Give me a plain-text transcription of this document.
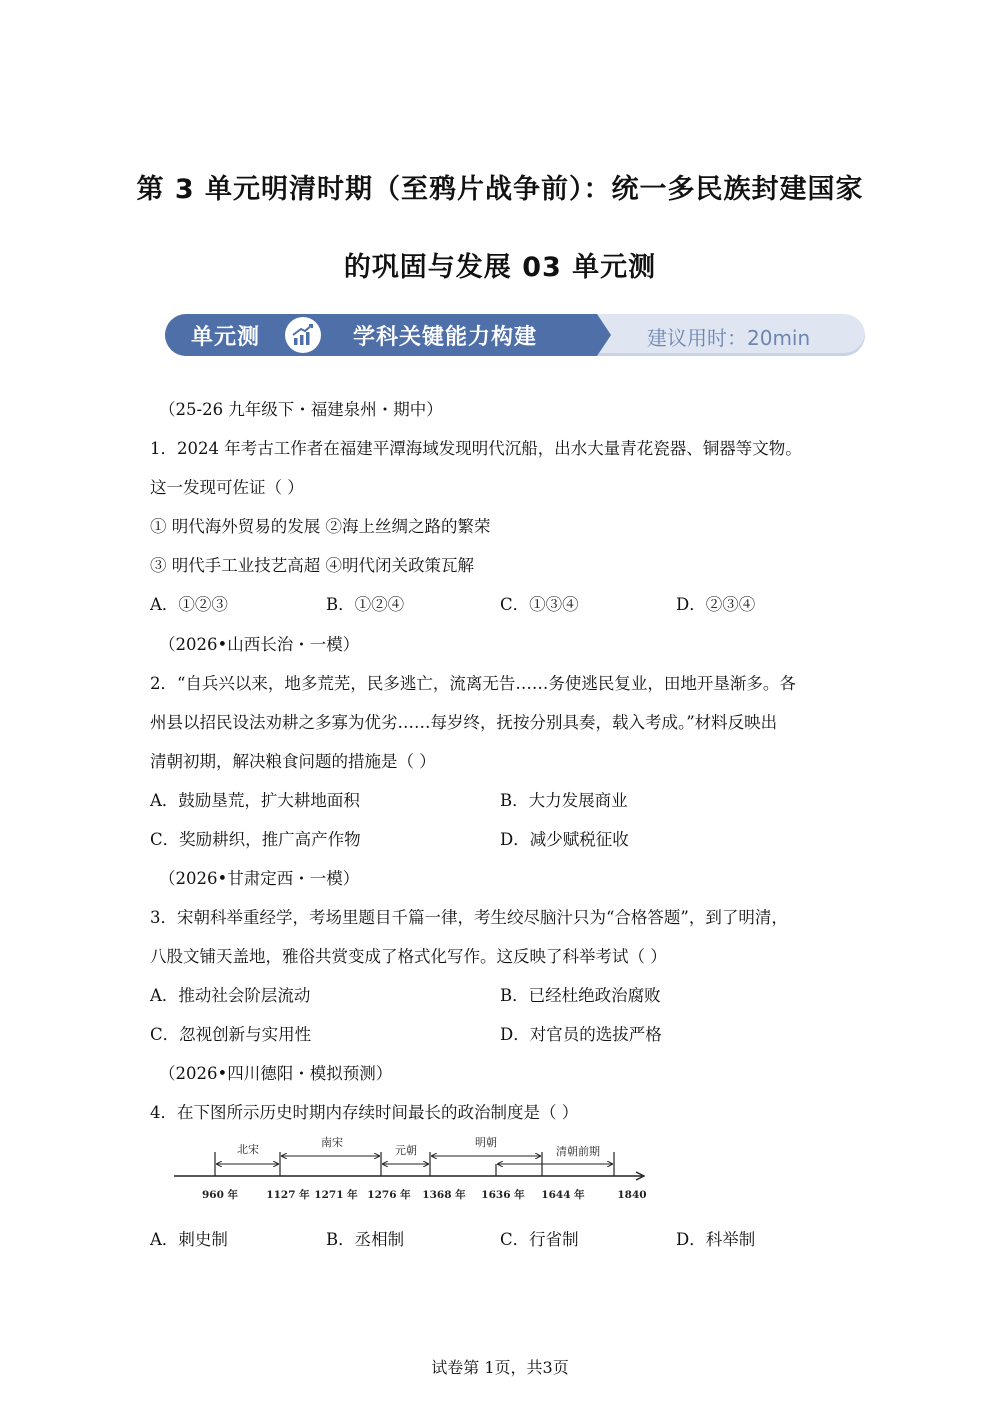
第 3 单元明清时期（至鸦片战争前）：统一多民族封建国家
的巩固与发展 03 单元测
单元测	学科关键能力构建	建议用时：20min
（25-26 九年级下・福建泉州・期中）
1．2024 年考古工作者在福建平潭海域发现明代沉船，出水大量青花瓷器、铜器等文物。
这一发现可佐证（ ）
① 明代海外贸易的发展 ②海上丝绸之路的繁荣
③ 明代手工业技艺高超 ④明代闭关政策瓦解
A．①②③	B．①②④	C．①③④	D．②③④
（2026•山西长治・一模）
2．“自兵兴以来，地多荒芜，民多逃亡，流离无告……务使逃民复业，田地开垦渐多。各
州县以招民设法劝耕之多寡为优劣……每岁终，抚按分别具奏，载入考成。”材料反映出
清朝初期，解决粮食问题的措施是（ ）
A．鼓励垦荒，扩大耕地面积	B．大力发展商业
C．奖励耕织，推广高产作物	D．减少赋税征收
（2026•甘肃定西・一模）
3．宋朝科举重经学，考场里题目千篇一律，考生绞尽脑汁只为“合格答题”，到了明清，
八股文铺天盖地，雅俗共赏变成了格式化写作。这反映了科举考试（ ）
A．推动社会阶层流动	B．已经杜绝政治腐败
C．忽视创新与实用性	D．对官员的选拔严格
（2026•四川德阳・模拟预测）
4．在下图所示历史时期内存续时间最长的政治制度是（ ）
北宋
南宋
元朝
明朝
清朝前期
960 年	1127 年 1271 年 1276 年 1368 年 1636 年 1644 年	1840
A．刺史制	B．丞相制	C．行省制	D．科举制
试卷第 1页，共3页
